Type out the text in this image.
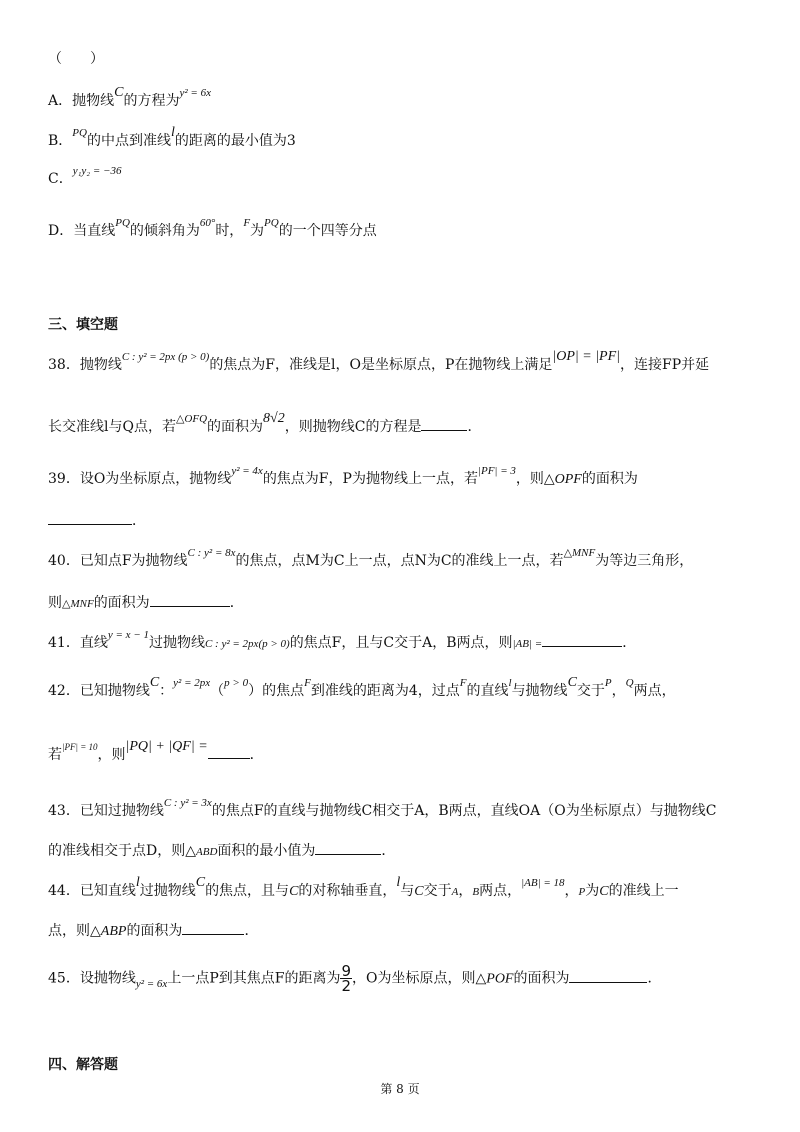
（　　）
A．抛物线C的方程为$^{y^2 = 6x}$
B．$^{PQ}$的中点到准线l的距离的最小值为3
C．$^{y_1y_2 = -36}$
D．当直线$^{PQ}$的倾斜角为$^{60^\circ}$时，$^F$为$^{PQ}$的一个四等分点
三、填空题
38．抛物线$^{C : y^2 = 2px (p > 0)}$的焦点为F，准线是l，O是坐标原点，P在抛物线上满足|OP| = |PF|，连接FP并延
长交准线l与Q点，若$^{\triangle OFQ}$的面积为8√2，则抛物线C的方程是	．
39．设O为坐标原点，抛物线$^{y^2 = 4x}$的焦点为F，P为抛物线上一点，若$^{|PF| = 3}$，则△OPF的面积为
．
40．已知点F为抛物线$^{C : y^2 = 8x}$的焦点，点M为C上一点，点N为C的准线上一点，若$^{\triangle MNF}$为等边三角形，
则△MNF的面积为	．
41．直线$^{y = x - 1}$过抛物线C : y² = 2px(p > 0)的焦点F，且与C交于A，B两点，则|AB| =	．
42．已知抛物线C：$^{y^2 = 2px}$（$^{p > 0}$）的焦点$^F$到准线的距离为4，过点$^F$的直线$^l$与抛物线C交于$^P$，$^Q$两点，
若$^{|PF| = 10}$，则|PQ| + |QF| =．
43．已知过抛物线$^{C : y^2 = 3x}$的焦点F的直线与抛物线C相交于A，B两点，直线OA（O为坐标原点）与抛物线C
的准线相交于点D，则△ABD面积的最小值为	．
44．已知直线l过抛物线C的焦点，且与C的对称轴垂直，l与C交于A，B两点，$^{|AB| = 18}$，P为C的准线上一
点，则△ABP的面积为	．
45．设抛物线$_{y^2 = 6x}$上一点P到其焦点F的距离为 $\frac{9}{2}$ ，O为坐标原点，则△POF的面积为	．
四、解答题
第 8 页
